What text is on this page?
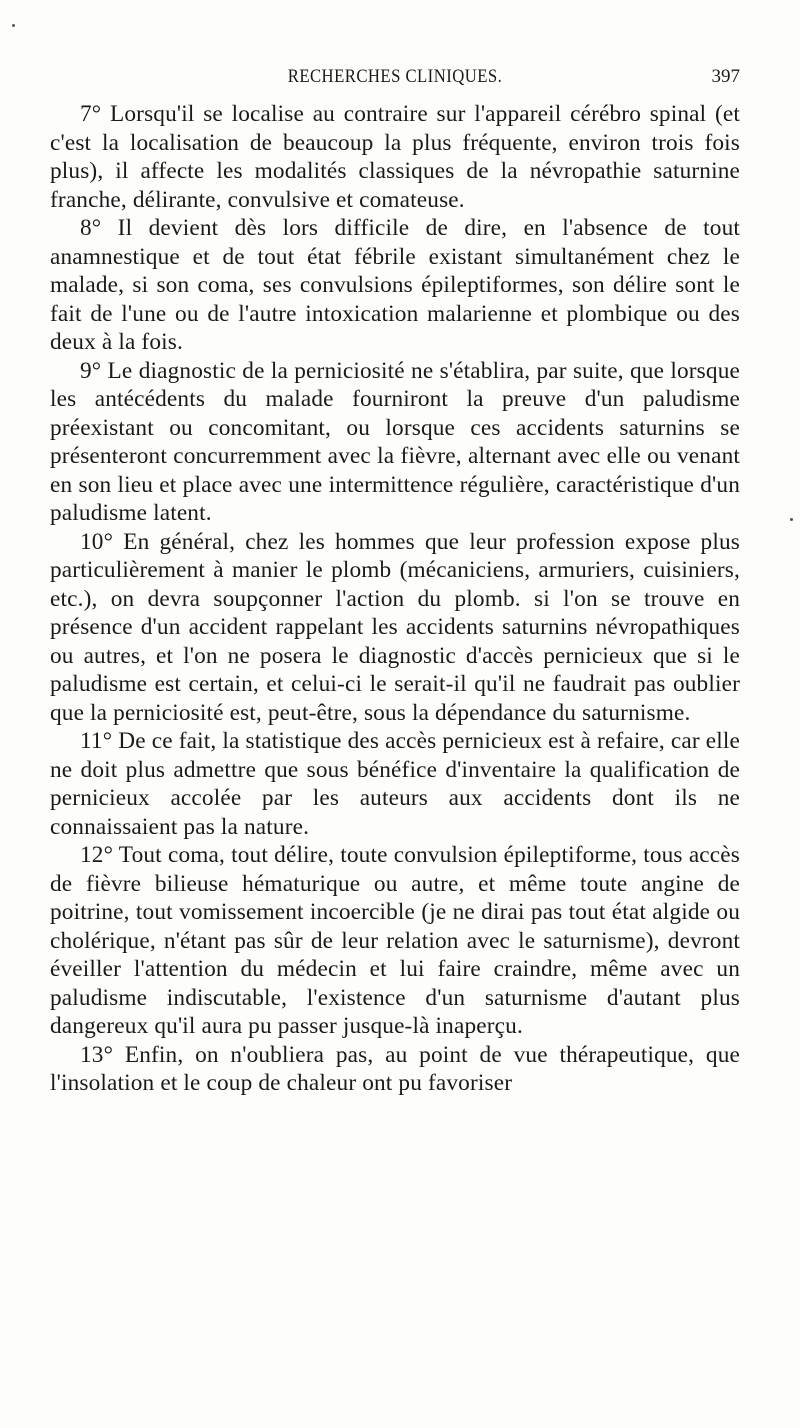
RECHERCHES CLINIQUES.	397

7° Lorsqu'il se localise au contraire sur l'appareil cérébro spinal (et c'est la localisation de beaucoup la plus fréquente, environ trois fois plus), il affecte les modalités classiques de la névropathie saturnine franche, délirante, convulsive et comateuse.

8° Il devient dès lors difficile de dire, en l'absence de tout anamnestique et de tout état fébrile existant simultanément chez le malade, si son coma, ses convulsions épileptiformes, son délire sont le fait de l'une ou de l'autre intoxication malarienne et plombique ou des deux à la fois.

9° Le diagnostic de la perniciosité ne s'établira, par suite, que lorsque les antécédents du malade fourniront la preuve d'un paludisme préexistant ou concomitant, ou lorsque ces accidents saturnins se présenteront concurremment avec la fièvre, alternant avec elle ou venant en son lieu et place avec une intermittence régulière, caractéristique d'un paludisme latent.

10° En général, chez les hommes que leur profession expose plus particulièrement à manier le plomb (mécaniciens, armuriers, cuisiniers, etc.), on devra soupçonner l'action du plomb. si l'on se trouve en présence d'un accident rappelant les accidents saturnins névropathiques ou autres, et l'on ne posera le diagnostic d'accès pernicieux que si le paludisme est certain, et celui-ci le serait-il qu'il ne faudrait pas oublier que la perniciosité est, peut-être, sous la dépendance du saturnisme.

11° De ce fait, la statistique des accès pernicieux est à refaire, car elle ne doit plus admettre que sous bénéfice d'inventaire la qualification de pernicieux accolée par les auteurs aux accidents dont ils ne connaissaient pas la nature.

12° Tout coma, tout délire, toute convulsion épileptiforme, tous accès de fièvre bilieuse hématurique ou autre, et même toute angine de poitrine, tout vomissement incoercible (je ne dirai pas tout état algide ou cholérique, n'étant pas sûr de leur relation avec le saturnisme), devront éveiller l'attention du médecin et lui faire craindre, même avec un paludisme indiscutable, l'existence d'un saturnisme d'autant plus dangereux qu'il aura pu passer jusque-là inaperçu.

13° Enfin, on n'oubliera pas, au point de vue thérapeutique, que l'insolation et le coup de chaleur ont pu favoriser
